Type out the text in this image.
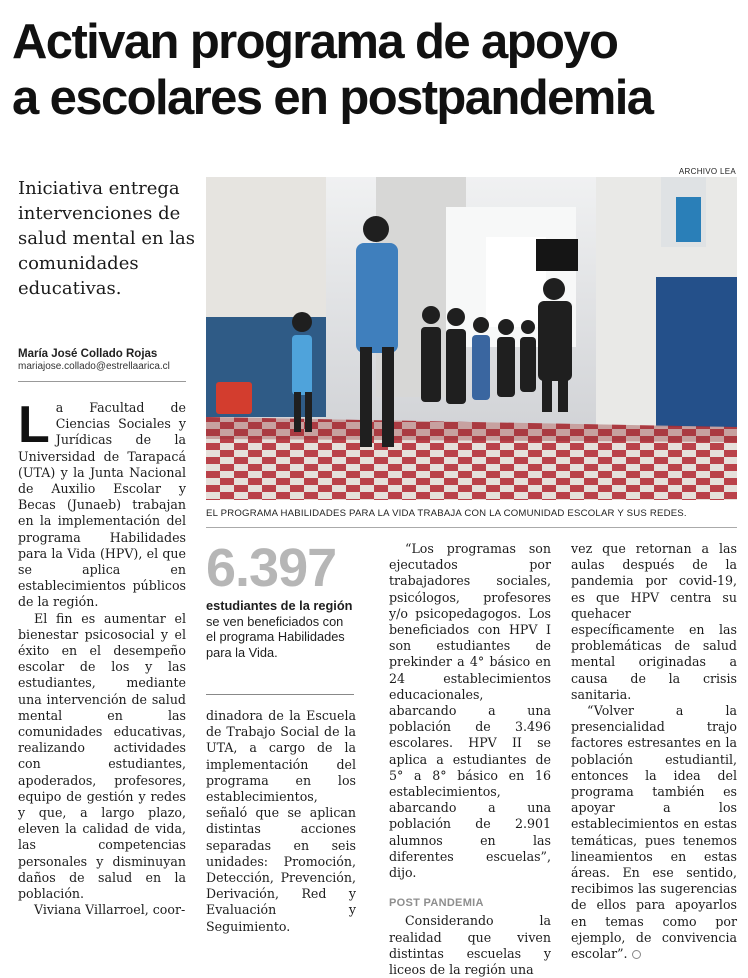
Activan programa de apoyo
a escolares en postpandemia
ARCHIVO LEA
Iniciativa entrega intervenciones de salud mental en las comunidades educativas.
María José Collado Rojas
mariajose.collado@estrellaarica.cl
EL PROGRAMA HABILIDADES PARA LA VIDA TRABAJA CON LA COMUNIDAD ESCOLAR Y SUS REDES.
L a Facultad de Ciencias Sociales y Jurídicas de la Universidad de Tarapacá (UTA) y la Junta Nacional de Auxilio Escolar y Becas (Junaeb) trabajan en la implementación del programa Habilidades para la Vida (HPV), el que se aplica en establecimientos públicos de la región.

El fin es aumentar el bienestar psicosocial y el éxito en el desempeño escolar de los y las estudiantes, mediante una intervención de salud mental en las comunidades educativas, realizando actividades con estudiantes, apoderados, profesores, equipo de gestión y redes y que, a largo plazo, eleven la calidad de vida, las competencias personales y disminuyan daños de salud en la población.

Viviana Villarroel, coor-

6.397
estudiantes de la región se ven beneficiados con el programa Habilidades para la Vida.

dinadora de la Escuela de Trabajo Social de la UTA, a cargo de la implementación del programa en los establecimientos, señaló que se aplican distintas acciones separadas en seis unidades: Promoción, Detección, Prevención, Derivación, Red y Evaluación y Seguimiento.

“Los programas son ejecutados por trabajadores sociales, psicólogos, profesores y/o psicopedagogos. Los beneficiados con HPV I son estudiantes de prekinder a 4° básico en 24 establecimientos educacionales, abarcando a una población de 3.496 escolares. HPV II se aplica a estudiantes de 5° a 8° básico en 16 establecimientos, abarcando a una población de 2.901 alumnos en las diferentes escuelas”, dijo.

POST PANDEMIA

Considerando la realidad que viven distintas escuelas y liceos de la región una

vez que retornan a las aulas después de la pandemia por covid-19, es que HPV centra su quehacer específicamente en las problemáticas de salud mental originadas a causa de la crisis sanitaria.

“Volver a la presencialidad trajo factores estresantes en la población estudiantil, entonces la idea del programa también es apoyar a los establecimientos en estas temáticas, pues tenemos lineamientos en estas áreas. En ese sentido, recibimos las sugerencias de ellos para apoyarlos en temas como por ejemplo, de convivencia escolar”.
